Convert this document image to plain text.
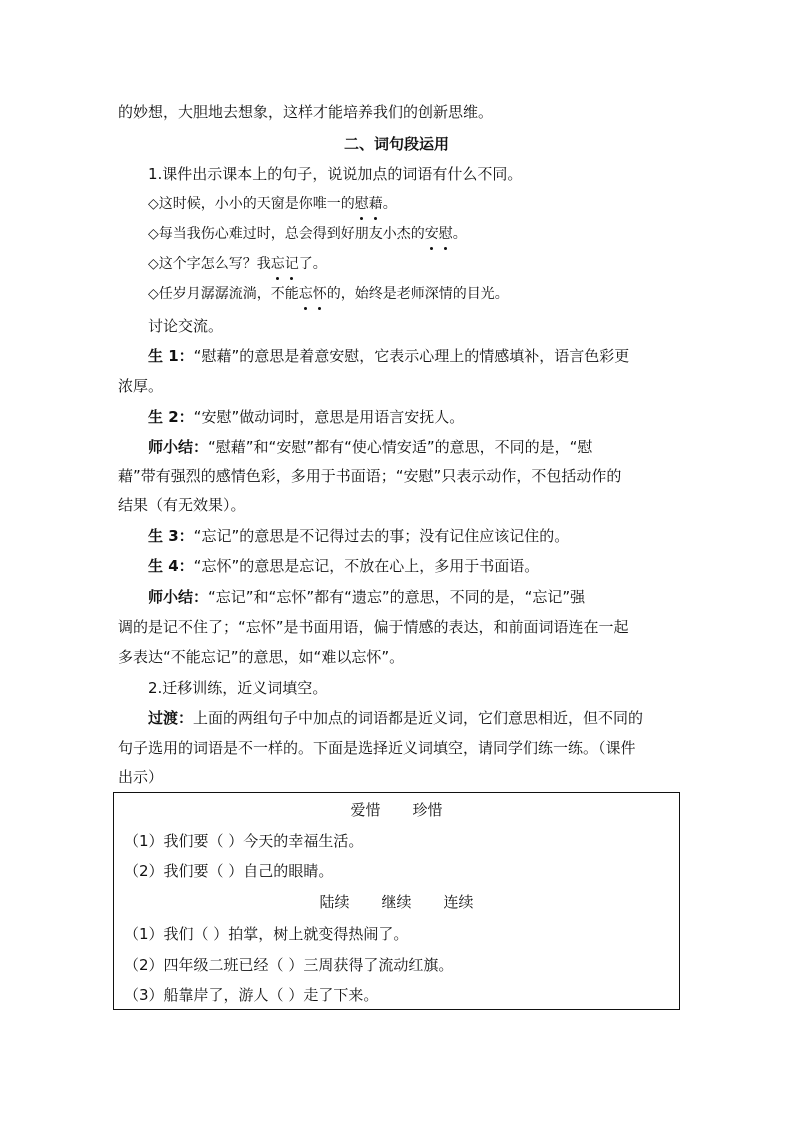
的妙想，大胆地去想象，这样才能培养我们的创新思维。
二、词句段运用
1.课件出示课本上的句子，说说加点的词语有什么不同。
◇这时候，小小的天窗是你唯一的慰藉。
◇每当我伤心难过时，总会得到好朋友小杰的安慰。
◇这个字怎么写？我忘记了。
◇任岁月潺潺流淌，不能忘怀的，始终是老师深情的目光。
讨论交流。
生 1：“慰藉”的意思是着意安慰，它表示心理上的情感填补，语言色彩更
浓厚。
生 2：“安慰”做动词时，意思是用语言安抚人。
师小结：“慰藉”和“安慰”都有“使心情安适”的意思，不同的是，“慰
藉”带有强烈的感情色彩，多用于书面语；“安慰”只表示动作，不包括动作的
结果（有无效果）。
生 3：“忘记”的意思是不记得过去的事；没有记住应该记住的。
生 4：“忘怀”的意思是忘记，不放在心上，多用于书面语。
师小结：“忘记”和“忘怀”都有“遗忘”的意思，不同的是，“忘记”强
调的是记不住了；“忘怀”是书面用语，偏于情感的表达，和前面词语连在一起
多表达“不能忘记”的意思，如“难以忘怀”。
2.迁移训练，近义词填空。
过渡：上面的两组句子中加点的词语都是近义词，它们意思相近，但不同的
句子选用的词语是不一样的。下面是选择近义词填空，请同学们练一练。（课件
出示）
爱惜 珍惜
（1）我们要（ ）今天的幸福生活。
（2）我们要（ ）自己的眼睛。
陆续 继续 连续
（1）我们（ ）拍掌，树上就变得热闹了。
（2）四年级二班已经（ ）三周获得了流动红旗。
（3）船靠岸了，游人（ ）走了下来。
